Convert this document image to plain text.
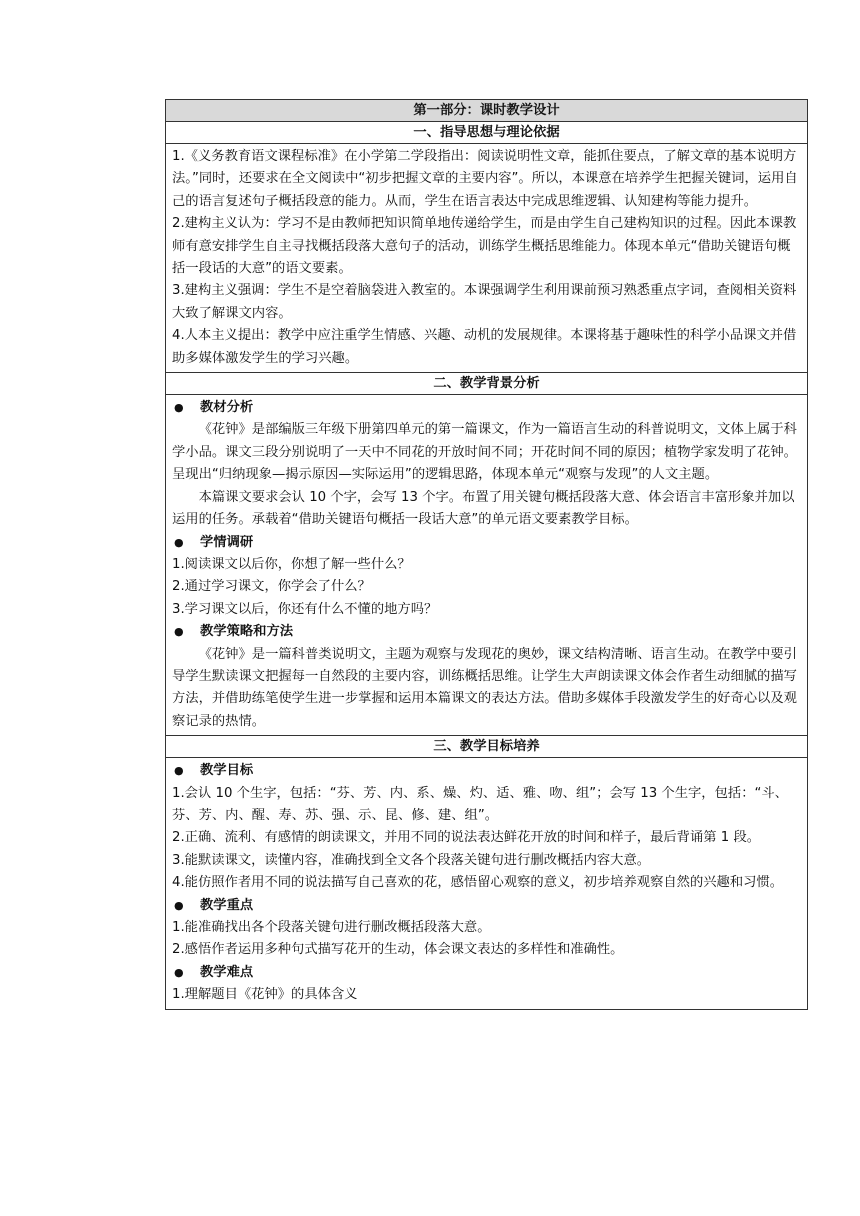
第一部分：课时教学设计
一、指导思想与理论依据

1.《义务教育语文课程标准》在小学第二学段指出：阅读说明性文章，能抓住要点，了解文章的基本说明方法。”同时，还要求在全文阅读中“初步把握文章的主要内容”。所以，本课意在培养学生把握关键词，运用自己的语言复述句子概括段意的能力。从而，学生在语言表达中完成思维逻辑、认知建构等能力提升。

2.建构主义认为：学习不是由教师把知识简单地传递给学生，而是由学生自己建构知识的过程。因此本课教师有意安排学生自主寻找概括段落大意句子的活动，训练学生概括思维能力。体现本单元“借助关键语句概括一段话的大意”的语文要素。

3.建构主义强调：学生不是空着脑袋进入教室的。本课强调学生利用课前预习熟悉重点字词，查阅相关资料大致了解课文内容。

4.人本主义提出：教学中应注重学生情感、兴趣、动机的发展规律。本课将基于趣味性的科学小品课文并借助多媒体激发学生的学习兴趣。

二、教学背景分析

● 教材分析

《花钟》是部编版三年级下册第四单元的第一篇课文，作为一篇语言生动的科普说明文，文体上属于科学小品。课文三段分别说明了一天中不同花的开放时间不同；开花时间不同的原因；植物学家发明了花钟。呈现出“归纳现象—揭示原因—实际运用”的逻辑思路，体现本单元“观察与发现”的人文主题。

本篇课文要求会认 10 个字，会写 13 个字。布置了用关键句概括段落大意、体会语言丰富形象并加以运用的任务。承载着“借助关键语句概括一段话大意”的单元语文要素教学目标。

● 学情调研

1.阅读课文以后你，你想了解一些什么？

2.通过学习课文，你学会了什么？

3.学习课文以后，你还有什么不懂的地方吗？

● 教学策略和方法

《花钟》是一篇科普类说明文，主题为观察与发现花的奥妙，课文结构清晰、语言生动。在教学中要引导学生默读课文把握每一自然段的主要内容，训练概括思维。让学生大声朗读课文体会作者生动细腻的描写方法，并借助练笔使学生进一步掌握和运用本篇课文的表达方法。借助多媒体手段激发学生的好奇心以及观察记录的热情。

三、教学目标培养

● 教学目标

1.会认 10 个生字，包括：“芬、芳、内、系、燥、灼、适、雅、吻、组”；会写 13 个生字，包括：“斗、芬、芳、内、醒、寿、苏、强、示、昆、修、建、组”。

2.正确、流利、有感情的朗读课文，并用不同的说法表达鲜花开放的时间和样子，最后背诵第 1 段。

3.能默读课文，读懂内容，准确找到全文各个段落关键句进行删改概括内容大意。

4.能仿照作者用不同的说法描写自己喜欢的花，感悟留心观察的意义，初步培养观察自然的兴趣和习惯。

● 教学重点

1.能准确找出各个段落关键句进行删改概括段落大意。

2.感悟作者运用多种句式描写花开的生动，体会课文表达的多样性和准确性。

● 教学难点

1.理解题目《花钟》的具体含义
